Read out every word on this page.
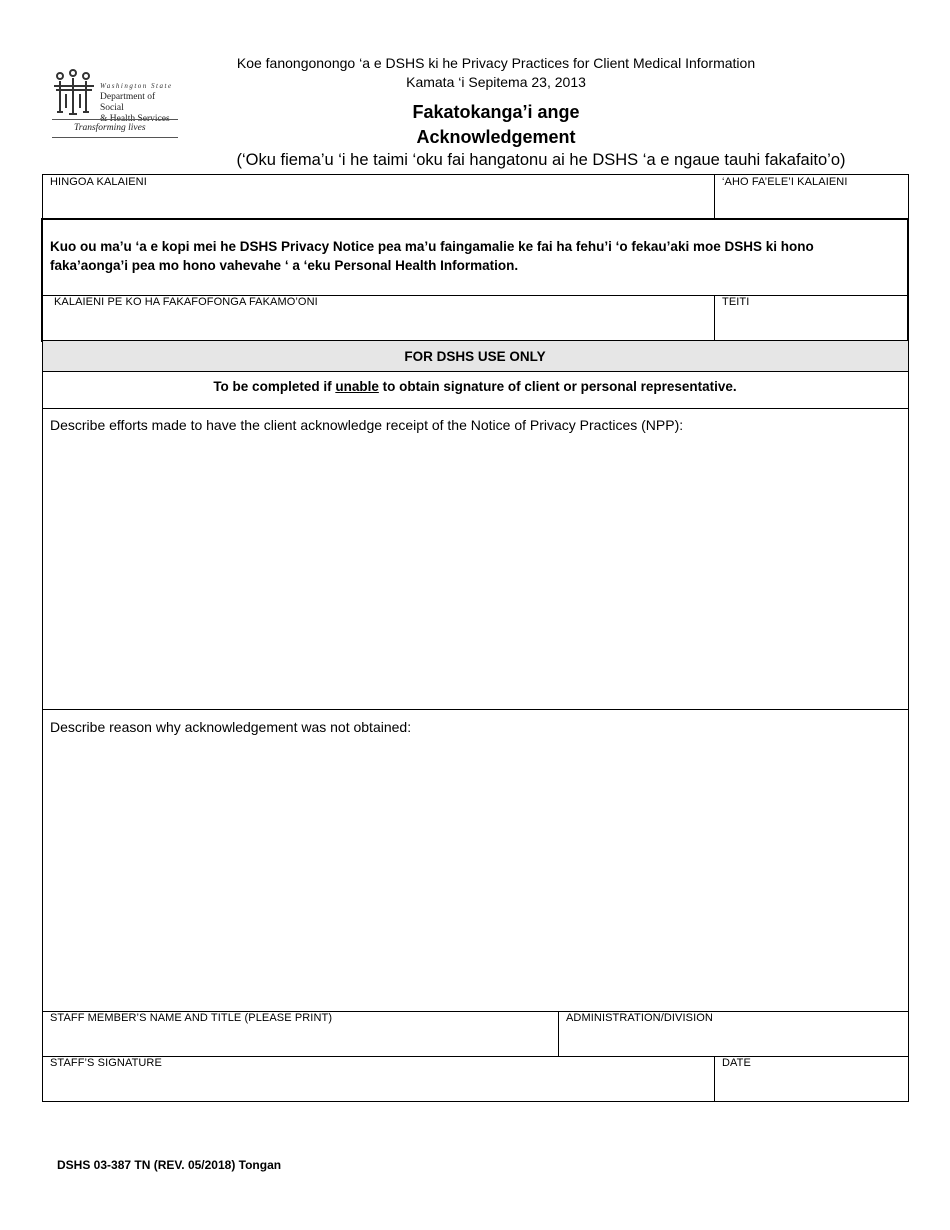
Washington State
Department of Social
& Health Services
Transforming lives
Koe fanongonongo ‘a e DSHS ki he Privacy Practices for Client Medical Information
Kamata ‘i Sepitema 23, 2013
Fakatokanga’i ange
Acknowledgement
(‘Oku fiema’u ‘i he taimi ‘oku fai hangatonu ai he DSHS ‘a e ngaue tauhi fakafaito’o)
HINGOA KALAIENI	‘AHO FA’ELE’I KALAIENI
Kuo ou ma’u ‘a e kopi mei he DSHS Privacy Notice pea ma’u faingamalie ke fai ha fehu’i ‘o fekau’aki moe DSHS ki hono faka’aonga’i pea mo hono vahevahe ‘ a ‘eku Personal Health Information.
KALAIENI PE KO HA FAKAFOFONGA FAKAMO’ONI	TEITI
FOR DSHS USE ONLY
To be completed if unable to obtain signature of client or personal representative.
Describe efforts made to have the client acknowledge receipt of the Notice of Privacy Practices (NPP):
Describe reason why acknowledgement was not obtained:
STAFF MEMBER’S NAME AND TITLE (PLEASE PRINT)	ADMINISTRATION/DIVISION
STAFF’S SIGNATURE	DATE
DSHS 03-387 TN (REV. 05/2018) Tongan
